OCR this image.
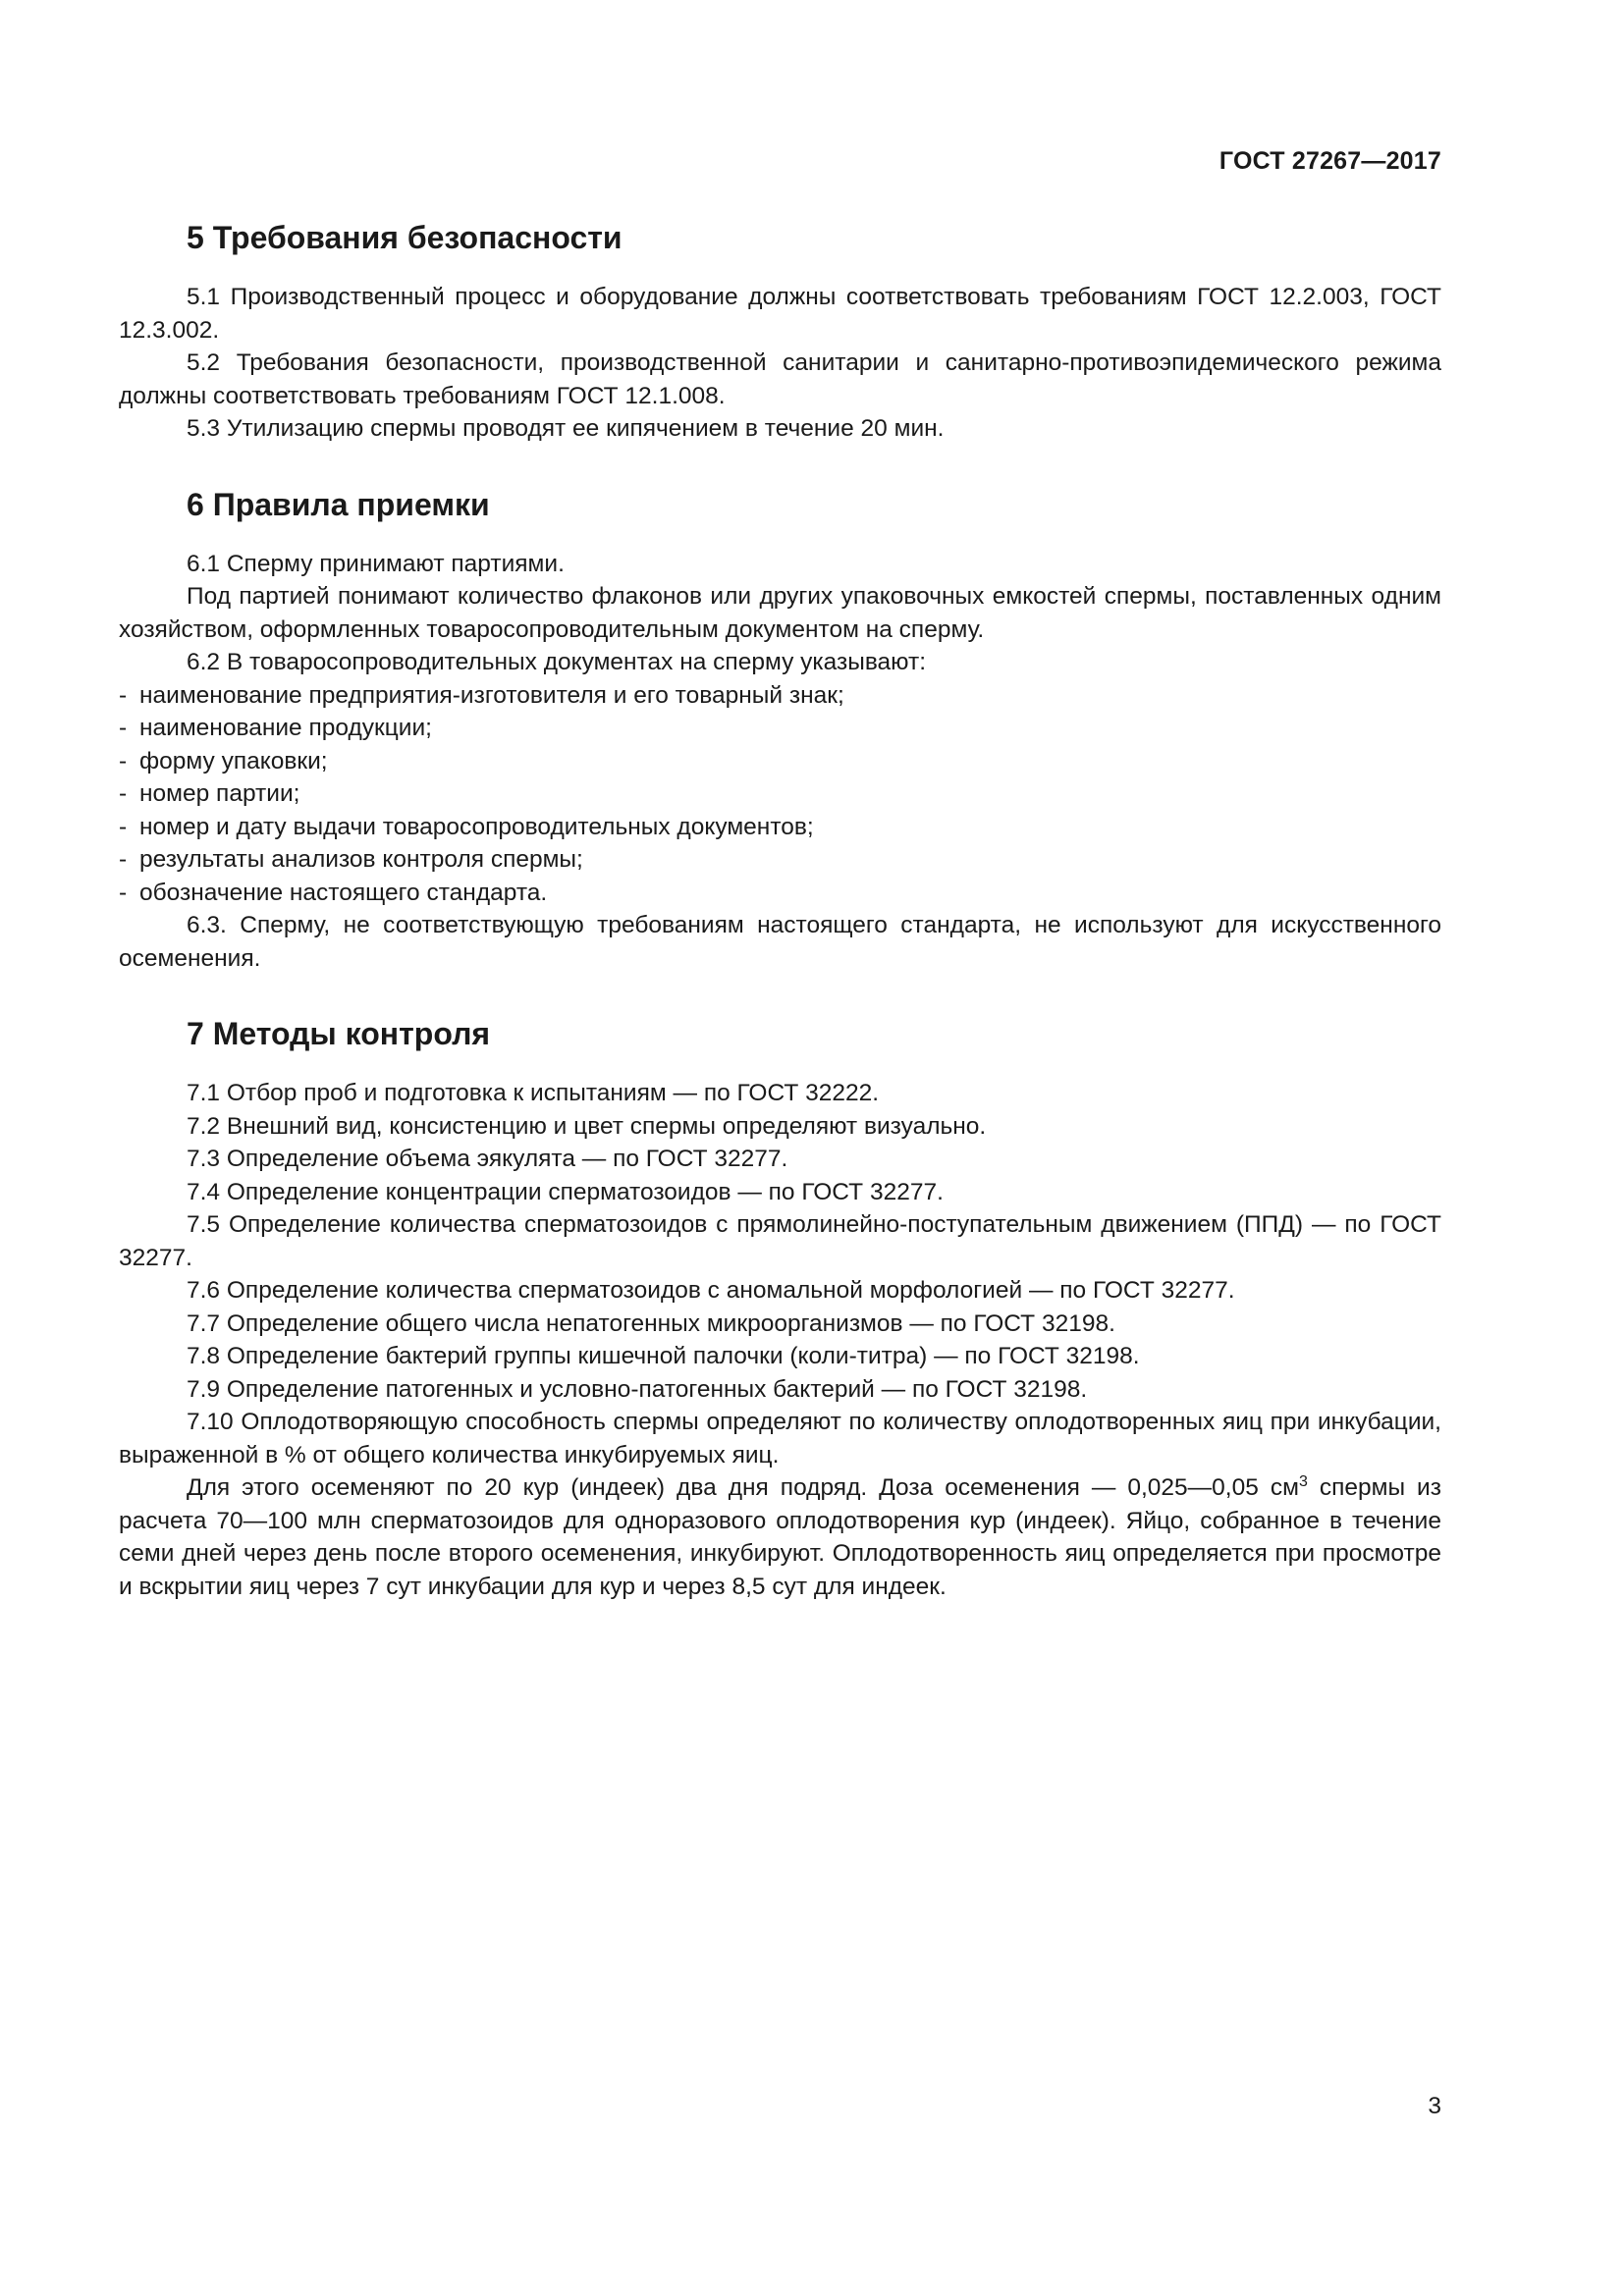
ГОСТ 27267—2017
5 Требования безопасности

5.1 Производственный процесс и оборудование должны соответствовать требованиям ГОСТ 12.2.003, ГОСТ 12.3.002.

5.2 Требования безопасности, производственной санитарии и санитарно-противоэпидемического режима должны соответствовать требованиям ГОСТ 12.1.008.

5.3 Утилизацию спермы проводят ее кипячением в течение 20 мин.

6 Правила приемки

6.1 Сперму принимают партиями.

Под партией понимают количество флаконов или других упаковочных емкостей спермы, поставленных одним хозяйством, оформленных товаросопроводительным документом на сперму.

6.2 В товаросопроводительных документах на сперму указывают:

- наименование предприятия-изготовителя и его товарный знак;
- наименование продукции;
- форму упаковки;
- номер партии;
- номер и дату выдачи товаросопроводительных документов;
- результаты анализов контроля спермы;
- обозначение настоящего стандарта.

6.3. Сперму, не соответствующую требованиям настоящего стандарта, не используют для искусственного осеменения.

7 Методы контроля

7.1 Отбор проб и подготовка к испытаниям — по ГОСТ 32222.

7.2 Внешний вид, консистенцию и цвет спермы определяют визуально.

7.3 Определение объема эякулята — по ГОСТ 32277.

7.4 Определение концентрации сперматозоидов — по ГОСТ 32277.

7.5 Определение количества сперматозоидов с прямолинейно-поступательным движением (ППД) — по ГОСТ 32277.

7.6 Определение количества сперматозоидов с аномальной морфологией — по ГОСТ 32277.

7.7 Определение общего числа непатогенных микроорганизмов — по ГОСТ 32198.

7.8 Определение бактерий группы кишечной палочки (коли-титра) — по ГОСТ 32198.

7.9 Определение патогенных и условно-патогенных бактерий — по ГОСТ 32198.

7.10 Оплодотворяющую способность спермы определяют по количеству оплодотворенных яиц при инкубации, выраженной в % от общего количества инкубируемых яиц.

Для этого осеменяют по 20 кур (индеек) два дня подряд. Доза осеменения — 0,025—0,05 $см^3$ спермы из расчета 70—100 млн сперматозоидов для одноразового оплодотворения кур (индеек). Яйцо, собранное в течение семи дней через день после второго осеменения, инкубируют. Оплодотворенность яиц определяется при просмотре и вскрытии яиц через 7 сут инкубации для кур и через 8,5 сут для индеек.

3
